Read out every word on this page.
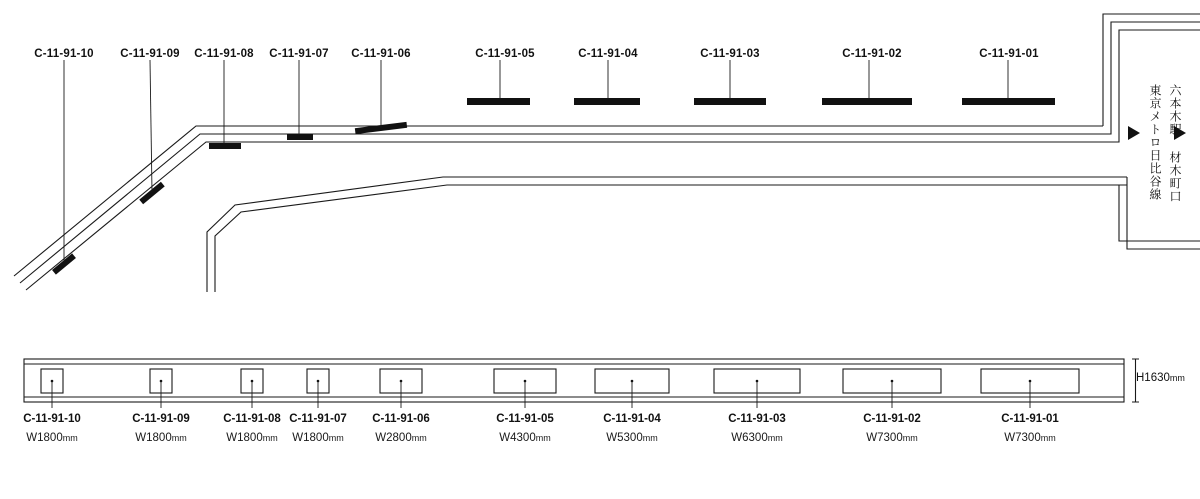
C-11-91-10 C-11-91-09 C-11-91-08 C-11-91-07 C-11-91-06	C-11-91-05	C-11-91-04	C-11-91-03	C-11-91-02	C-11-91-01
東京メトロ日比谷線 六本木駅 材木町口
H1630mm
C-11-91-10
W1800mm
C-11-91-09
W1800mm
C-11-91-08
W1800mm
C-11-91-07
W1800mm
C-11-91-06
W2800mm
C-11-91-05
W4300mm
C-11-91-04
W5300mm
C-11-91-03
W6300mm
C-11-91-02
W7300mm
C-11-91-01
W7300mm
